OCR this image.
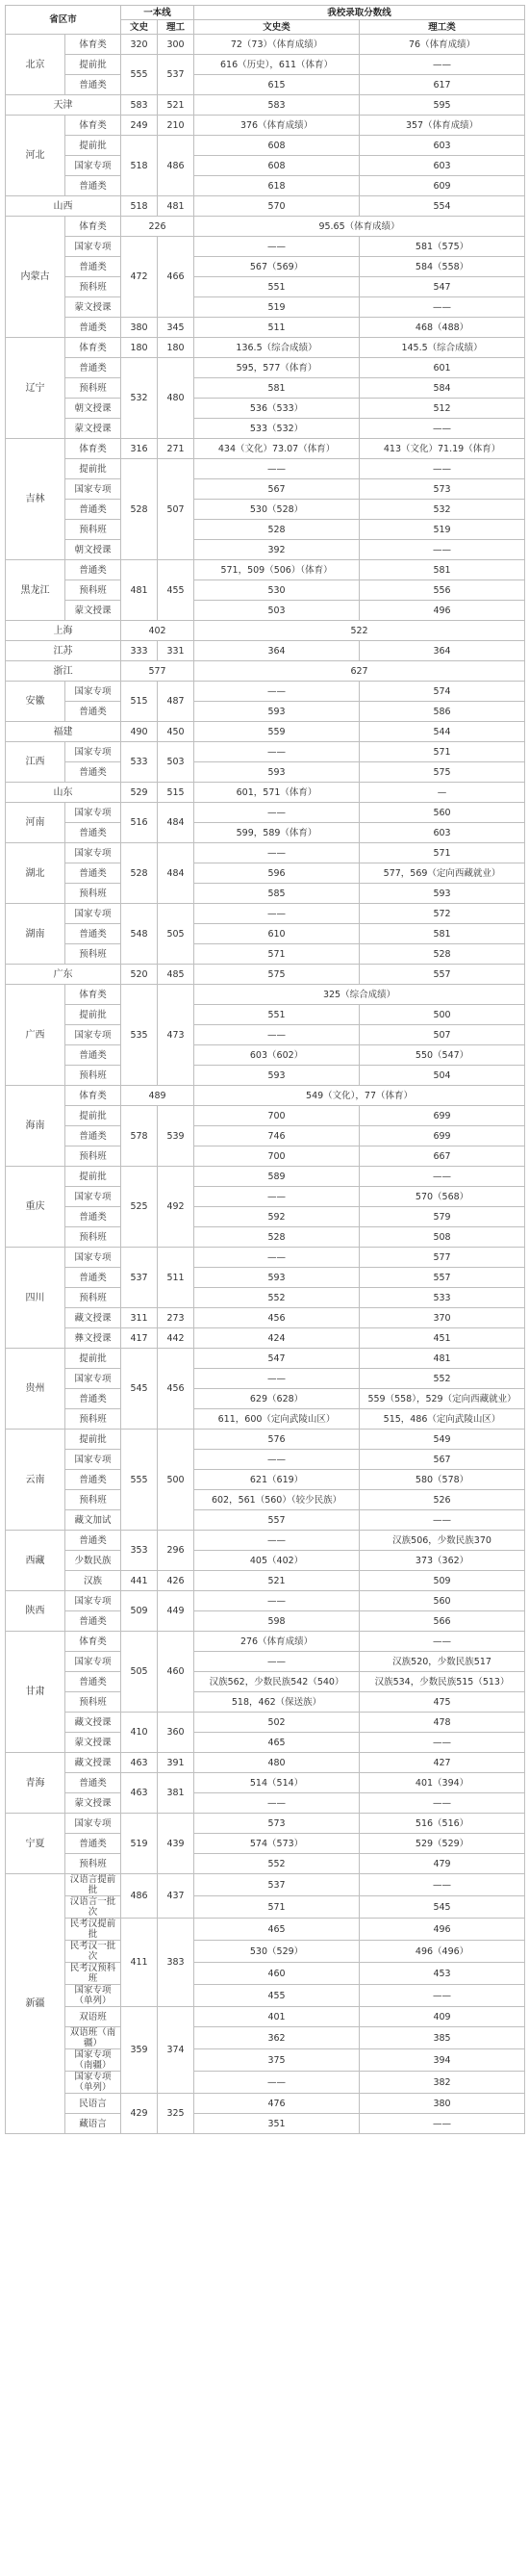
省区市		一本线		我校录取分数线	
		文史	理工	文史类	理工类
北京	体育类	320	300	72（73）（体育成绩）	76（体育成绩）
	提前批	555	537	616（历史），611（体育）	——
	普通类			615	617
天津		583	521	583	595
河北	体育类	249	210	376（体育成绩）	357（体育成绩）
	提前批	518	486	608	603
	国家专项			608	603
	普通类			618	609
山西		518	481	570	554
内蒙古	体育类	226		95.65（体育成绩）	
	国家专项	472	466	——	581（575）
	普通类			567（569）	584（558）
	预科班			551	547
	蒙文授课			519	——
	普通类	380	345	511	468（488）
辽宁	体育类	180	180	136.5（综合成绩）	145.5（综合成绩）
	普通类	532	480	595，577（体育）	601
	预科班			581	584
	朝文授课			536（533）	512
	蒙文授课			533（532）	——
吉林	体育类	316	271	434（文化）73.07（体育）	413（文化）71.19（体育）
	提前批	528	507	——	——
	国家专项			567	573
	普通类			530（528）	532
	预科班			528	519
	朝文授课			392	——
黑龙江	普通类	481	455	571，509（506）（体育）	581
	预科班			530	556
	蒙文授课			503	496
上海		402		522	
江苏		333	331	364	364
浙江		577		627	
安徽	国家专项	515	487	——	574
	普通类			593	586
福建		490	450	559	544
江西	国家专项	533	503	——	571
	普通类			593	575
山东		529	515	601，571（体育）	—
河南	国家专项	516	484	——	560
	普通类			599，589（体育）	603
湖北	国家专项	528	484	——	571
	普通类			596	577，569（定向西藏就业）
	预科班			585	593
湖南	国家专项	548	505	——	572
	普通类			610	581
	预科班			571	528
广东		520	485	575	557
广西	体育类	535	473	325（综合成绩）	
	提前批			551	500
	国家专项			——	507
	普通类			603（602）	550（547）
	预科班			593	504
海南	体育类	489		549（文化），77（体育）	
	提前批	578	539	700	699
	普通类			746	699
	预科班			700	667
重庆	提前批	525	492	589	——
	国家专项			——	570（568）
	普通类			592	579
	预科班			528	508
四川	国家专项	537	511	——	577
	普通类			593	557
	预科班			552	533
	藏文授课	311	273	456	370
	彝文授课	417	442	424	451
贵州	提前批	545	456	547	481
	国家专项			——	552
	普通类			629（628）	559（558），529（定向西藏就业）
	预科班			611，600（定向武陵山区）	515，486（定向武陵山区）
云南	提前批	555	500	576	549
	国家专项			——	567
	普通类			621（619）	580（578）
	预科班			602，561（560）（较少民族）	526
	藏文加试			557	——
西藏	普通类	353	296	——	汉族506，少数民族370
	少数民族			405（402）	373（362）
	汉族	441	426	521	509
陕西	国家专项	509	449	——	560
	普通类			598	566
甘肃	体育类	505	460	276（体育成绩）	——
	国家专项			——	汉族520，少数民族517
	普通类			汉族562，少数民族542（540）	汉族534，少数民族515（513）
	预科班			518，462（保送族）	475
	藏文授课	410	360	502	478
	蒙文授课			465	——
青海	藏文授课	463	391	480	427
	普通类	463	381	514（514）	401（394）
	蒙文授课			——	——
宁夏	国家专项	519	439	573	516（516）
	普通类			574（573）	529（529）
	预科班			552	479
新疆	汉语言提前批	486	437	537	——
	汉语言一批次			571	545
	民考汉提前批	411	383	465	496
	民考汉一批次			530（529）	496（496）
	民考汉预科班			460	453
	国家专项（单列）			455	——
	双语班	359	374	401	409
	双语班（南疆）			362	385
	国家专项（南疆）			375	394
	国家专项（单列）			——	382
	民语言	429	325	476	380
	藏语言			351	——
